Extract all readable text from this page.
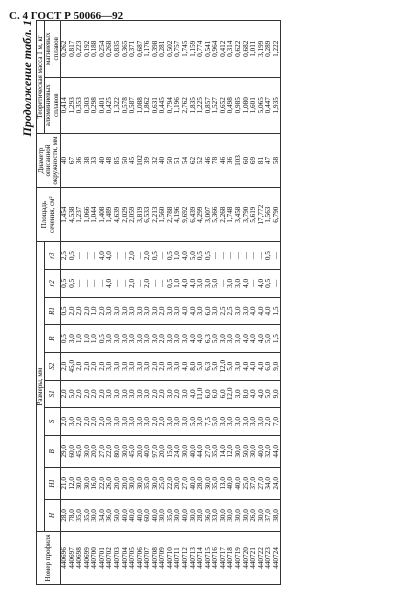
С. 4 ГОСТ Р 50066—92
Продолжение табл. 1
Номер профиля	Размеры, мм										Площадь сечения, см²	Диаметр описанной окружности, мм	Теоретическая масса 1 м, кг	
	H	H1	B	S	S1	S2	R	R1	r2	r3			алюминиевых сплавов	магниевых сплавов
440696	28,0	21,0	29,0	2,0	2,0	2,0	0,5	0,5	0,5	2,5	1,454	40	0,414	0,262
440697	78,0	12,0	60,0	3,0	5,0	45,0	3,0	2,0	0,5	0,5	4,538	67	1,293	0,817
440698	35,0	30,0	45,0	2,0	2,0	2,0	1,0	2,0	—	—	1,237	36	0,353	0,223
440699	35,0	30,0	30,0	2,0	2,0	2,0	1,0	2,0	—	—	1,066	38	0,303	0,192
440700	30,0	16,0	20,0	2,0	2,0	2,0	1,0	1,0	—	—	1,044	33	0,298	0,188
440701	34,0	22,0	27,0	2,0	2,0	2,0	0,5	2,0	—	4,0	1,408	40	0,401	0,254
440702	36,0	26,0	22,0	3,0	3,0	3,0	3,0	3,0	4,0	4,0	1,489	48	0,425	0,268
440703	50,0	20,0	80,0	3,0	3,0	3,0	3,0	3,0	—	—	4,639	85	1,322	0,835
440704	40,0	20,0	30,0	3,0	3,0	3,0	3,0	3,0	—	—	2,029	50	0,578	0,365
440705	40,0	30,0	45,0	3,0	3,0	3,0	3,0	3,0	2,0	2,0	2,059	45	0,587	0,371
440706	40,0	30,0	20,0	3,0	3,0	3,0	3,0	3,0	—	—	3,819	102	1,088	0,687
440707	60,0	35,0	40,0	3,0	3,0	3,0	3,0	3,0	2,0	2,0	6,533	39	1,862	1,176
440708	40,0	30,0	97,0	2,0	2,0	2,0	3,0	3,0	—	0,5	2,213	32	0,631	0,398
440709	30,0	25,0	20,0	2,0	2,0	2,0	2,0	2,0	—	—	1,560	40	0,445	0,281
440710	35,0	22,0	15,0	3,0	3,0	3,0	3,0	3,0	0,5	0,5	2,788	50	0,794	0,502
440711	30,0	20,0	24,0	3,0	2,0	3,0	3,0	3,0	1,0	1,0	4,196	51	1,196	0,757
440712	40,0	27,0	30,0	3,0	3,0	4,0	3,0	4,0	4,0	4,0	9,692	54	2,762	1,745
440713	30,0	40,0	40,0	5,0	4,0	8,0	4,0	4,0	4,0	5,0	6,439	62	1,835	1,159
440714	28,0	28,0	44,0	3,0	11,0	5,0	4,0	3,0	3,0	0,5	4,299	52	1,225	0,774
440715	36,0	30,0	27,0	7,5	6,0	6,3	6,3	6,0	3,0	0,5	3,007	46	0,857	0,541
440716	33,0	35,0	35,0	5,0	6,0	5,0	5,0	3,0	5,0	—	5,366	78	1,527	0,964
440717	30,0	13,0	14,0	3,0	6,0	12,0	3,0	2,5	—	—	2,268	46	0,652	0,412
440718	30,0	40,0	12,0	3,0	12,0	5,0	3,0	2,5	3,0	—	1,748	36	0,498	0,314
440719	30,0	40,0	30,0	3,0	3,0	3,0	3,0	3,0	3,0	—	3,458	103	0,985	0,622
440720	30,0	25,0	50,0	3,0	8,0	4,0	4,0	3,0	4,0	—	3,790	60	1,080	0,682
440721	26,0	37,0	30,0	3,0	4,0	4,0	4,0	4,0	—	—	5,619	69	1,601	1,011
440722	30,0	27,0	40,0	3,0	4,0	4,0	4,0	4,0	4,0	—	17,772	81	5,065	3,199
440723	37,0	34,0	32,0	2,0	5,0	6,0	5,0	4,0	0,5	0,5	1,563	47	0,447	0,289
440724	38,0	24,0	44,0	7,0	9,0	9,0	1,5	1,5	—	—	6,790	58	1,935	1,222
